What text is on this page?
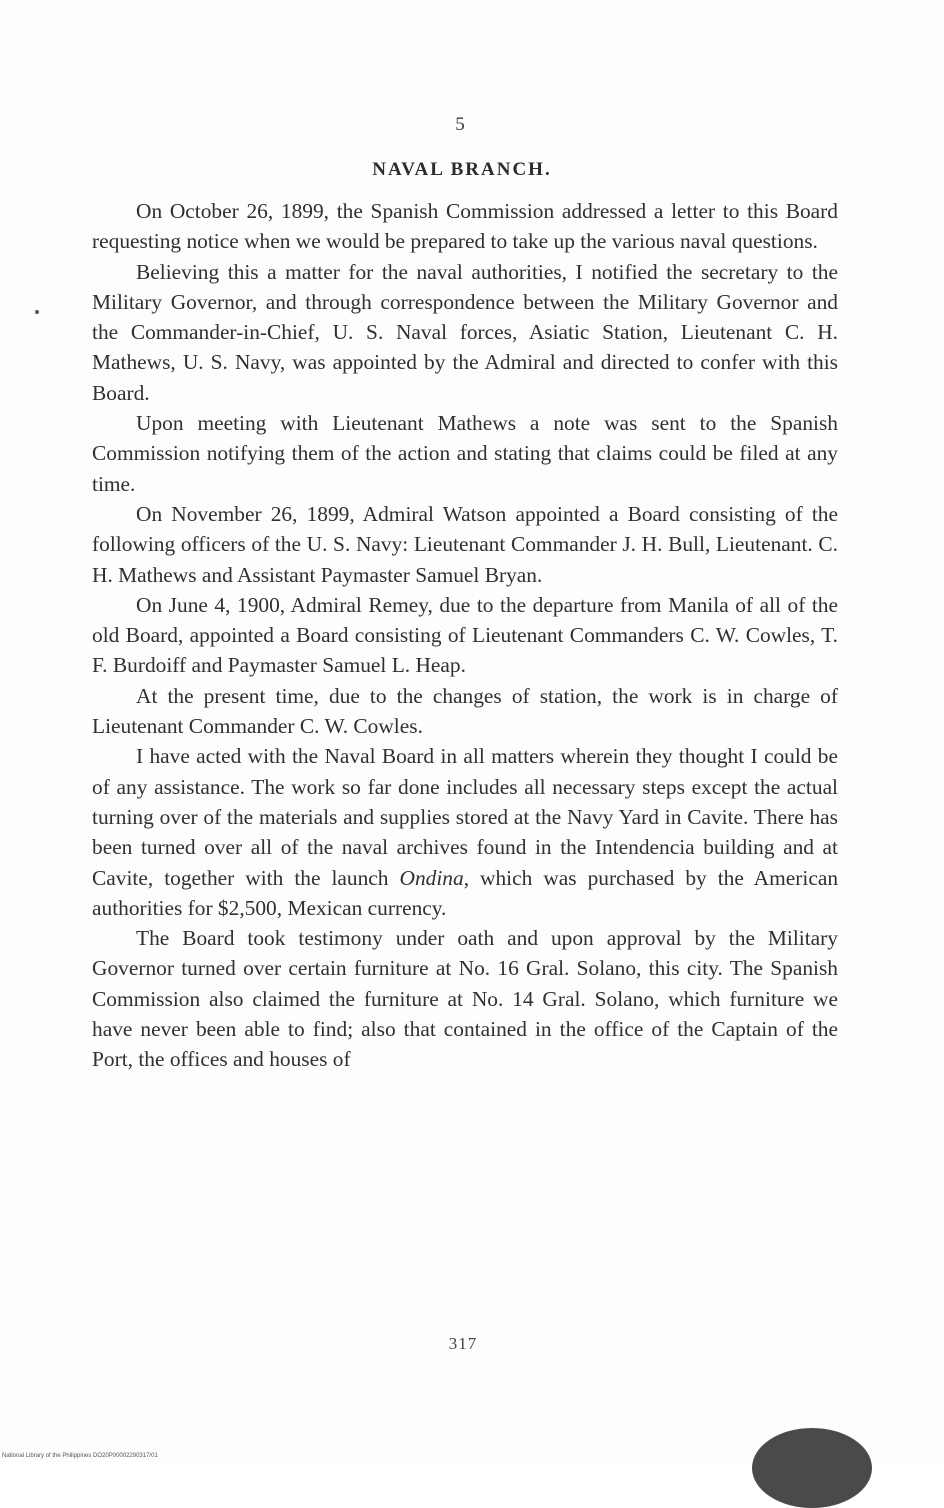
5
NAVAL BRANCH.

On October 26, 1899, the Spanish Commission addressed a letter to this Board requesting notice when we would be prepared to take up the various naval questions.

Believing this a matter for the naval authorities, I notified the secretary to the Military Governor, and through correspondence between the Military Governor and the Commander-in-Chief, U. S. Naval forces, Asiatic Station, Lieutenant C. H. Mathews, U. S. Navy, was appointed by the Admiral and directed to confer with this Board.

Upon meeting with Lieutenant Mathews a note was sent to the Spanish Commission notifying them of the action and stating that claims could be filed at any time.

On November 26, 1899, Admiral Watson appointed a Board consisting of the following officers of the U. S. Navy: Lieutenant Commander J. H. Bull, Lieutenant. C. H. Mathews and Assistant Paymaster Samuel Bryan.

On June 4, 1900, Admiral Remey, due to the departure from Manila of all of the old Board, appointed a Board consisting of Lieutenant Commanders C. W. Cowles, T. F. Burdoiff and Paymaster Samuel L. Heap.

At the present time, due to the changes of station, the work is in charge of Lieutenant Commander C. W. Cowles.

I have acted with the Naval Board in all matters wherein they thought I could be of any assistance. The work so far done includes all necessary steps except the actual turning over of the materials and supplies stored at the Navy Yard in Cavite. There has been turned over all of the naval archives found in the Intendencia building and at Cavite, together with the launch Ondina, which was purchased by the American authorities for $2,500, Mexican currency.

The Board took testimony under oath and upon approval by the Military Governor turned over certain furniture at No. 16 Gral. Solano, this city. The Spanish Commission also claimed the furniture at No. 14 Gral. Solano, which furniture we have never been able to find; also that contained in the office of the Captain of the Port, the offices and houses of

317
National Library of the Philippines DO20P00002290317/01
